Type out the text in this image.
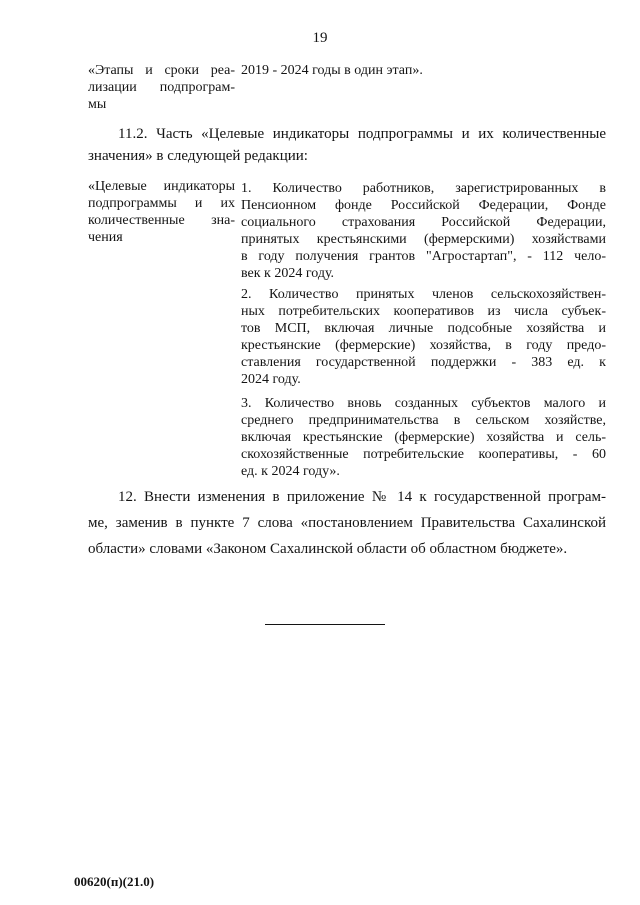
19
«Этапы и сроки реа-
лизации подпрограм-
мы
2019 - 2024 годы в один этап».
11.2. Часть «Целевые индикаторы подпрограммы и их количественные
значения» в следующей редакции:
«Целевые индикаторы
подпрограммы и их
количественные зна-
чения
1. Количество работников, зарегистрированных в
Пенсионном фонде Российской Федерации, Фонде
социального страхования Российской Федерации,
принятых крестьянскими (фермерскими) хозяйствами
в году получения грантов "Агростартап", - 112 чело-
век к 2024 году.
2. Количество принятых членов сельскохозяйствен-
ных потребительских кооперативов из числа субъек-
тов МСП, включая личные подсобные хозяйства и
крестьянские (фермерские) хозяйства, в году предо-
ставления государственной поддержки - 383 ед. к
2024 году.
3. Количество вновь созданных субъектов малого и
среднего предпринимательства в сельском хозяйстве,
включая крестьянские (фермерские) хозяйства и сель-
скохозяйственные потребительские кооперативы, - 60
ед. к 2024 году».
12. Внести изменения в приложение № 14 к государственной програм-
ме, заменив в пункте 7 слова «постановлением Правительства Сахалинской
области» словами «Законом Сахалинской области об областном бюджете».
00620(п)(21.0)
